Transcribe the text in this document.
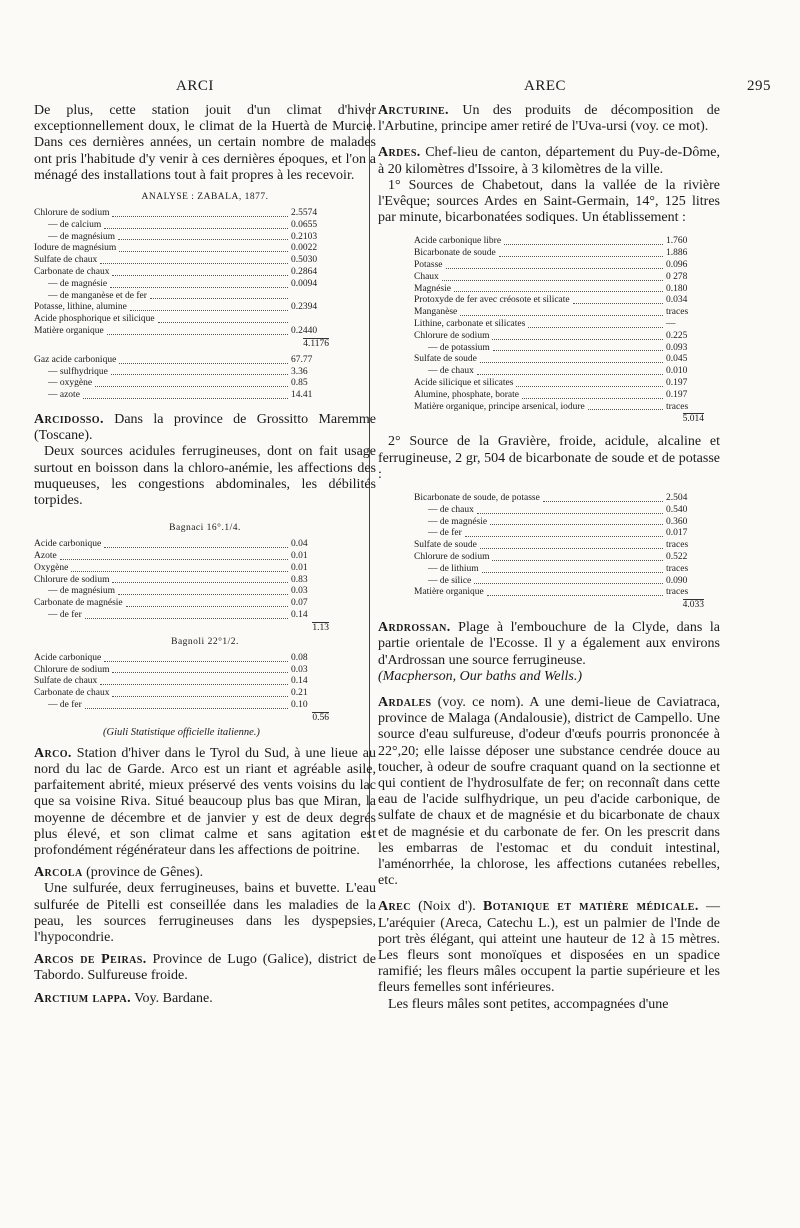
ARCI	AREC	295

De plus, cette station jouit d'un climat d'hiver exceptionnellement doux, le climat de la Huertà de Murcie. Dans ces dernières années, un certain nombre de malades ont pris l'habitude d'y venir à ces dernières époques, et l'on a ménagé des installations tout à fait propres à les recevoir.

ANALYSE : ZABALA, 1877.
Chlorure de sodium	2.5574
— de calcium	0.0655
— de magnésium	0.2103
Iodure de magnésium	0.0022
Sulfate de chaux	0.5030
Carbonate de chaux	0.2864
— de magnésie	0.0094
— de manganèse et de fer
Potasse, lithine, alumine	0.2394
Acide phosphorique et silicique
Matière organique	0.2440
4.1176
Gaz acide carbonique	67.77
— sulfhydrique	3.36
— oxygène	0.85
— azote	14.41

Arcidosso. Dans la province de Grossitto Maremme (Toscane).

Deux sources acidules ferrugineuses, dont on fait usage surtout en boisson dans la chloro-anémie, les affections des muqueuses, les congestions abdominales, les débilités torpides.

Bagnaci 16°.1/4.
Acide carbonique	0.04
Azote	0.01
Oxygène	0.01
Chlorure de sodium	0.83
— de magnésium	0.03
Carbonate de magnésie	0.07
— de fer	0.14
1.13
Bagnoli 22°1/2.
Acide carbonique	0.08
Chlorure de sodium	0.03
Sulfate de chaux	0.14
Carbonate de chaux	0.21
— de fer	0.10
0.56
(Giuli Statistique officielle italienne.)

Arco. Station d'hiver dans le Tyrol du Sud, à une lieue au nord du lac de Garde. Arco est un riant et agréable asile, parfaitement abrité, mieux préservé des vents voisins du lac que sa voisine Riva. Situé beaucoup plus bas que Miran, la moyenne de décembre et de janvier y est de deux degrés plus élevé, et son climat calme et sans agitation est profondément régénérateur dans les affections de poitrine.

Arcola (province de Gênes).

Une sulfurée, deux ferrugineuses, bains et buvette. L'eau sulfurée de Pitelli est conseillée dans les maladies de la peau, les sources ferrugineuses dans les dyspepsies, l'hypocondrie.

Arcos de Peiras. Province de Lugo (Galice), district de Tabordo. Sulfureuse froide.

Arctium lappa. Voy. Bardane.

Arcturine. Un des produits de décomposition de l'Arbutine, principe amer retiré de l'Uva-ursi (voy. ce mot).

Ardes. Chef-lieu de canton, département du Puy-de-Dôme, à 20 kilomètres d'Issoire, à 3 kilomètres de la ville.

1° Sources de Chabetout, dans la vallée de la rivière l'Evêque; sources Ardes en Saint-Germain, 14°, 125 litres par minute, bicarbonatées sodiques. Un établissement :

Acide carbonique libre	1.760
Bicarbonate de soude	1.886
Potasse	0.096
Chaux	0 278
Magnésie	0.180
Protoxyde de fer avec créosote et silicate	0.034
Manganèse	traces
Lithine, carbonate et silicates	—
Chlorure de sodium	0.225
— de potassium	0.093
Sulfate de soude	0.045
— de chaux	0.010
Acide silicique et silicates	0.197
Alumine, phosphate, borate	0.197
Matière organique, principe arsenical, iodure	traces
5.014

2° Source de la Gravière, froide, acidule, alcaline et ferrugineuse, 2 gr, 504 de bicarbonate de soude et de potasse :

Bicarbonate de soude, de potasse	2.504
— de chaux	0.540
— de magnésie	0.360
— de fer	0.017
Sulfate de soude	traces
Chlorure de sodium	0.522
— de lithium	traces
— de silice	0.090
Matière organique	traces
4.033

Ardrossan. Plage à l'embouchure de la Clyde, dans la partie orientale de l'Ecosse. Il y a également aux environs d'Ardrossan une source ferrugineuse.

(Macpherson, Our baths and Wells.)

Ardales (voy. ce nom). A une demi-lieue de Caviatraca, province de Malaga (Andalousie), district de Campello. Une source d'eau sulfureuse, d'odeur d'œufs pourris prononcée à 22°,20; elle laisse déposer une substance cendrée douce au toucher, à odeur de soufre craquant quand on la sectionne et qui contient de l'hydrosulfate de fer; on reconnaît dans cette eau de l'acide sulfhydrique, un peu d'acide carbonique, de sulfate de chaux et de magnésie et du bicarbonate de chaux et de magnésie et du carbonate de fer. On les prescrit dans les embarras de l'estomac et du conduit intestinal, l'aménorrhée, la chlorose, les affections cutanées rebelles, etc.

Arec (Noix d'). Botanique et matière médicale. — L'aréquier (Areca, Catechu L.), est un palmier de l'Inde de port très élégant, qui atteint une hauteur de 12 à 15 mètres. Les fleurs sont monoïques et disposées en un spadice ramifié; les fleurs mâles occupent la partie supérieure et les fleurs femelles sont inférieures.

Les fleurs mâles sont petites, accompagnées d'une
